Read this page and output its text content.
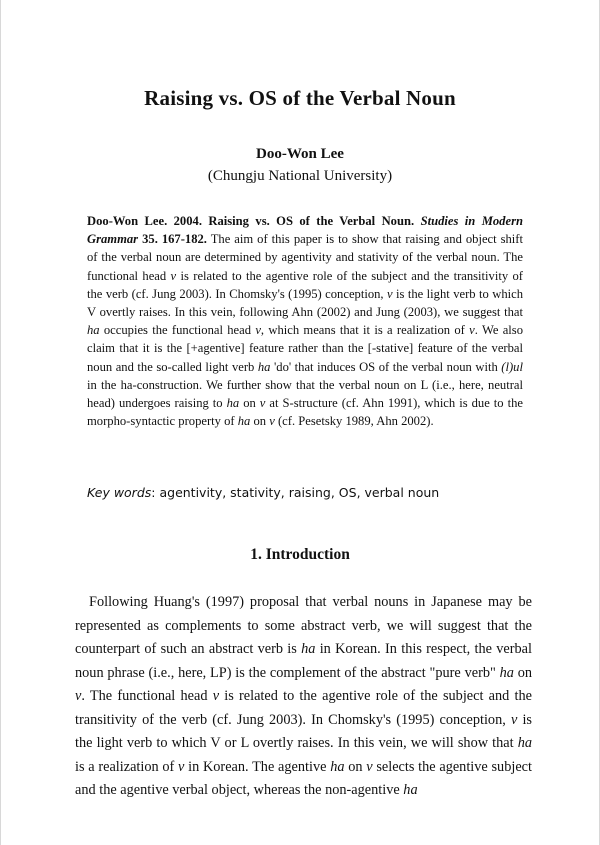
Raising vs. OS of the Verbal Noun
Doo-Won Lee
(Chungju National University)

Doo-Won Lee. 2004. Raising vs. OS of the Verbal Noun. Studies in Modern Grammar 35. 167-182. The aim of this paper is to show that raising and object shift of the verbal noun are determined by agentivity and stativity of the verbal noun. The functional head v is related to the agentive role of the subject and the transitivity of the verb (cf. Jung 2003). In Chomsky's (1995) conception, v is the light verb to which V overtly raises. In this vein, following Ahn (2002) and Jung (2003), we suggest that ha occupies the functional head v, which means that it is a realization of v. We also claim that it is the [+agentive] feature rather than the [-stative] feature of the verbal noun and the so-called light verb ha 'do' that induces OS of the verbal noun with (l)ul in the ha-construction. We further show that the verbal noun on L (i.e., here, neutral head) undergoes raising to ha on v at S-structure (cf. Ahn 1991), which is due to the morpho-syntactic property of ha on v (cf. Pesetsky 1989, Ahn 2002).

Key words: agentivity, stativity, raising, OS, verbal noun
1. Introduction

Following Huang's (1997) proposal that verbal nouns in Japanese may be represented as complements to some abstract verb, we will suggest that the counterpart of such an abstract verb is ha in Korean. In this respect, the verbal noun phrase (i.e., here, LP) is the complement of the abstract "pure verb" ha on v. The functional head v is related to the agentive role of the subject and the transitivity of the verb (cf. Jung 2003). In Chomsky's (1995) conception, v is the light verb to which V or L overtly raises. In this vein, we will show that ha is a realization of v in Korean. The agentive ha on v selects the agentive subject and the agentive verbal object, whereas the non-agentive ha
